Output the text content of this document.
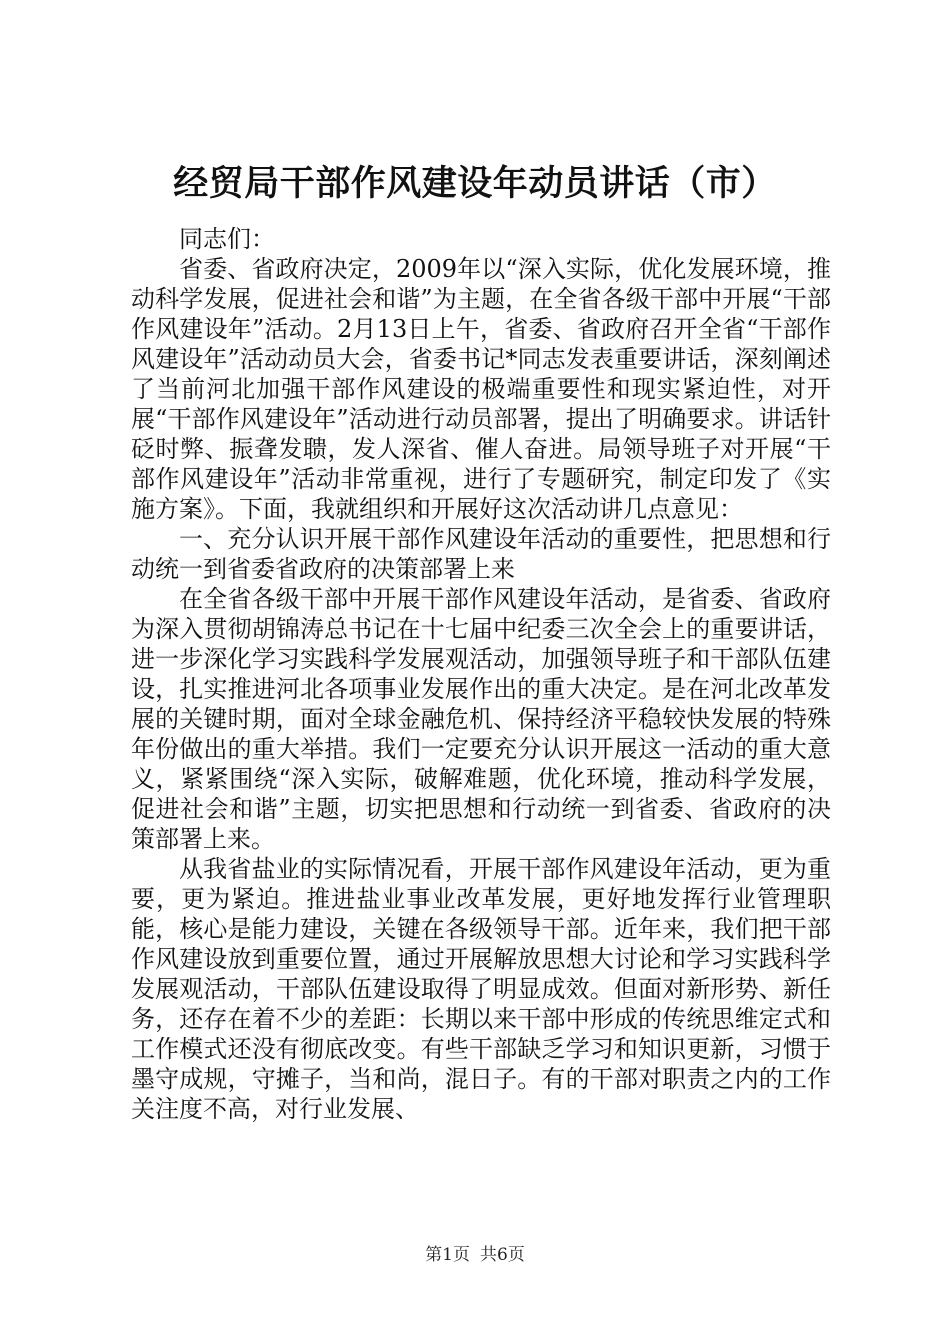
经贸局干部作风建设年动员讲话（市）

同志们：

省委、省政府决定，2009年以“深入实际，优化发展环境，推动科学发展，促进社会和谐”为主题，在全省各级干部中开展“干部作风建设年”活动。2月13日上午，省委、省政府召开全省“干部作风建设年”活动动员大会，省委书记*同志发表重要讲话，深刻阐述了当前河北加强干部作风建设的极端重要性和现实紧迫性，对开展“干部作风建设年”活动进行动员部署，提出了明确要求。讲话针砭时弊、振聋发聩，发人深省、催人奋进。局领导班子对开展“干部作风建设年”活动非常重视，进行了专题研究，制定印发了《实施方案》。下面，我就组织和开展好这次活动讲几点意见：

一、充分认识开展干部作风建设年活动的重要性，把思想和行动统一到省委省政府的决策部署上来

在全省各级干部中开展干部作风建设年活动，是省委、省政府为深入贯彻胡锦涛总书记在十七届中纪委三次全会上的重要讲话，进一步深化学习实践科学发展观活动，加强领导班子和干部队伍建设，扎实推进河北各项事业发展作出的重大决定。是在河北改革发展的关键时期，面对全球金融危机、保持经济平稳较快发展的特殊年份做出的重大举措。我们一定要充分认识开展这一活动的重大意义，紧紧围绕“深入实际，破解难题，优化环境，推动科学发展，促进社会和谐”主题，切实把思想和行动统一到省委、省政府的决策部署上来。

从我省盐业的实际情况看，开展干部作风建设年活动，更为重要，更为紧迫。推进盐业事业改革发展，更好地发挥行业管理职能，核心是能力建设，关键在各级领导干部。近年来，我们把干部作风建设放到重要位置，通过开展解放思想大讨论和学习实践科学发展观活动，干部队伍建设取得了明显成效。但面对新形势、新任务，还存在着不少的差距：长期以来干部中形成的传统思维定式和工作模式还没有彻底改变。有些干部缺乏学习和知识更新，习惯于墨守成规，守摊子，当和尚，混日子。有的干部对职责之内的工作关注度不高，对行业发展、

第1页 共6页
